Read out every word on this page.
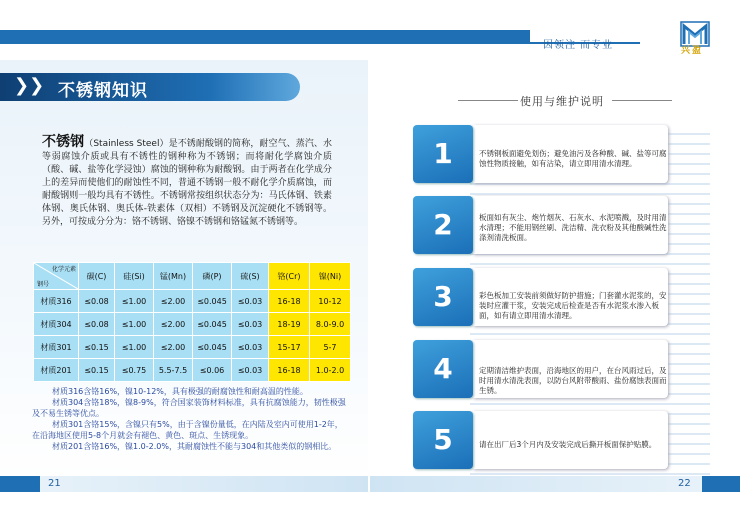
因领注 而专业	兴盈
❯❯ 不锈钢知识
不锈钢（Stainless Steel）是不锈耐酸钢的简称，耐空气、蒸汽、水等弱腐蚀介质或具有不锈性的钢种称为不锈钢；而将耐化学腐蚀介质（酸、碱、盐等化学浸蚀）腐蚀的钢种称为耐酸钢。由于两者在化学成分上的差异而使他们的耐蚀性不同，普通不锈钢一般不耐化学介质腐蚀，而耐酸钢则一般均具有不锈性。不锈钢常按组织状态分为：马氏体钢、铁素体钢、奥氏体钢、奥氏体-铁素体（双相）不锈钢及沉淀硬化不锈钢等。另外，可按成分分为：铬不锈钢、铬镍不锈钢和铬锰氮不锈钢等。
化学元素
钢号	碳(C)	硅(Si)	锰(Mn)	磷(P)	硫(S)	铬(Cr)	镍(Ni)
材质316	≤0.08	≤1.00	≤2.00	≤0.045	≤0.03	16-18	10-12
材质304	≤0.08	≤1.00	≤2.00	≤0.045	≤0.03	18-19	8.0-9.0
材质301	≤0.15	≤1.00	≤2.00	≤0.045	≤0.03	15-17	5-7
材质201	≤0.15	≤0.75	5.5-7.5	≤0.06	≤0.03	16-18	1.0-2.0

材质316含铬16%，镍10-12%，具有极强的耐腐蚀性和耐高温的性能。

材质304含铬18%，镍8-9%，符合国家装饰材料标准，具有抗腐蚀能力，韧性极强及不易生锈等优点。

材质301含铬15%，含镍只有5%，由于含镍份量低，在内陆及室内可使用1-2年，在沿海地区使用5-8个月就会有褪色、黄色、斑点、生锈现象。

材质201含铬16%，镍1.0-2.0%，其耐腐蚀性不能与304和其他类似的钢相比。

21
使用与维护说明
1	不锈钢板面避免划伤；避免油污及各种酸、碱、盐等可腐蚀性物质接触，如有沾染，请立即用清水清理。
2	板面如有灰尘、炮竹烟灰、石灰水、水泥喷溅，及时用清水清理；不能用钢丝刷、洗洁精、洗衣粉及其他酸碱性洗涤剂清洗板面。
3	彩色板加工安装前须做好防护措施；门套灌水泥浆的，安装时应灌干浆，安装完成后检查是否有水泥浆水渗入板面，如有请立即用清水清理。
4	定期清洁维护表面，沿海地区的用户，在台风雨过后，及时用清水清洗表面，以防台风附带酸雨、盐份腐蚀表面而生锈。
5	请在出厂后3个月内及安装完成后撕开板面保护贴膜。
22
